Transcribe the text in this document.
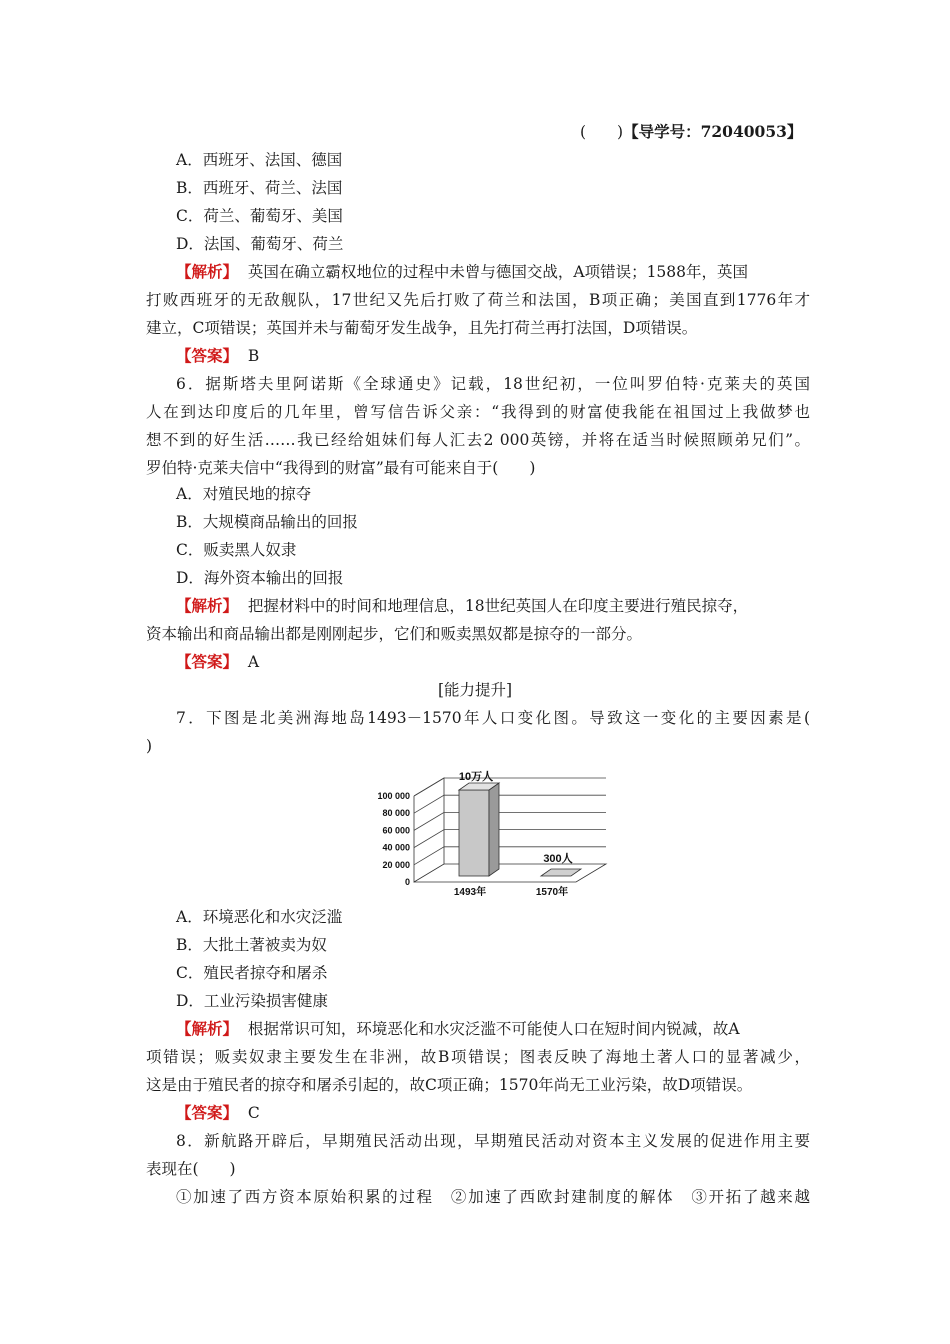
(　　)【导学号：72040053】
A．西班牙、法国、德国
B．西班牙、荷兰、法国
C．荷兰、葡萄牙、美国
D．法国、葡萄牙、荷兰
【解析】 英国在确立霸权地位的过程中未曾与德国交战，A项错误；1588年，英国
打败西班牙的无敌舰队，17世纪又先后打败了荷兰和法国，B项正确；美国直到1776年才
建立，C项错误；英国并未与葡萄牙发生战争，且先打荷兰再打法国，D项错误。
【答案】 B
6．据斯塔夫里阿诺斯《全球通史》记载，18世纪初，一位叫罗伯特·克莱夫的英国
人在到达印度后的几年里，曾写信告诉父亲：“我得到的财富使我能在祖国过上我做梦也
想不到的好生活……我已经给姐妹们每人汇去2 000英镑，并将在适当时候照顾弟兄们”。
罗伯特·克莱夫信中“我得到的财富”最有可能来自于(　　)
A．对殖民地的掠夺
B．大规模商品输出的回报
C．贩卖黑人奴隶
D．海外资本输出的回报
【解析】 把握材料中的时间和地理信息，18世纪英国人在印度主要进行殖民掠夺，
资本输出和商品输出都是刚刚起步，它们和贩卖黑奴都是掠夺的一部分。
【答案】 A
[能力提升]
7．下图是北美洲海地岛1493－1570年人口变化图。导致这一变化的主要因素是(
)
100 000
80 000
60 000
40 000
20 000
0
10万人
1493年
300人
1570年
A．环境恶化和水灾泛滥
B．大批土著被卖为奴
C．殖民者掠夺和屠杀
D．工业污染损害健康
【解析】 根据常识可知，环境恶化和水灾泛滥不可能使人口在短时间内锐减，故A
项错误；贩卖奴隶主要发生在非洲，故B项错误；图表反映了海地土著人口的显著减少，
这是由于殖民者的掠夺和屠杀引起的，故C项正确；1570年尚无工业污染，故D项错误。
【答案】 C
8．新航路开辟后，早期殖民活动出现，早期殖民活动对资本主义发展的促进作用主要
表现在(　　)
①加速了西方资本原始积累的过程　②加速了西欧封建制度的解体　③开拓了越来越
